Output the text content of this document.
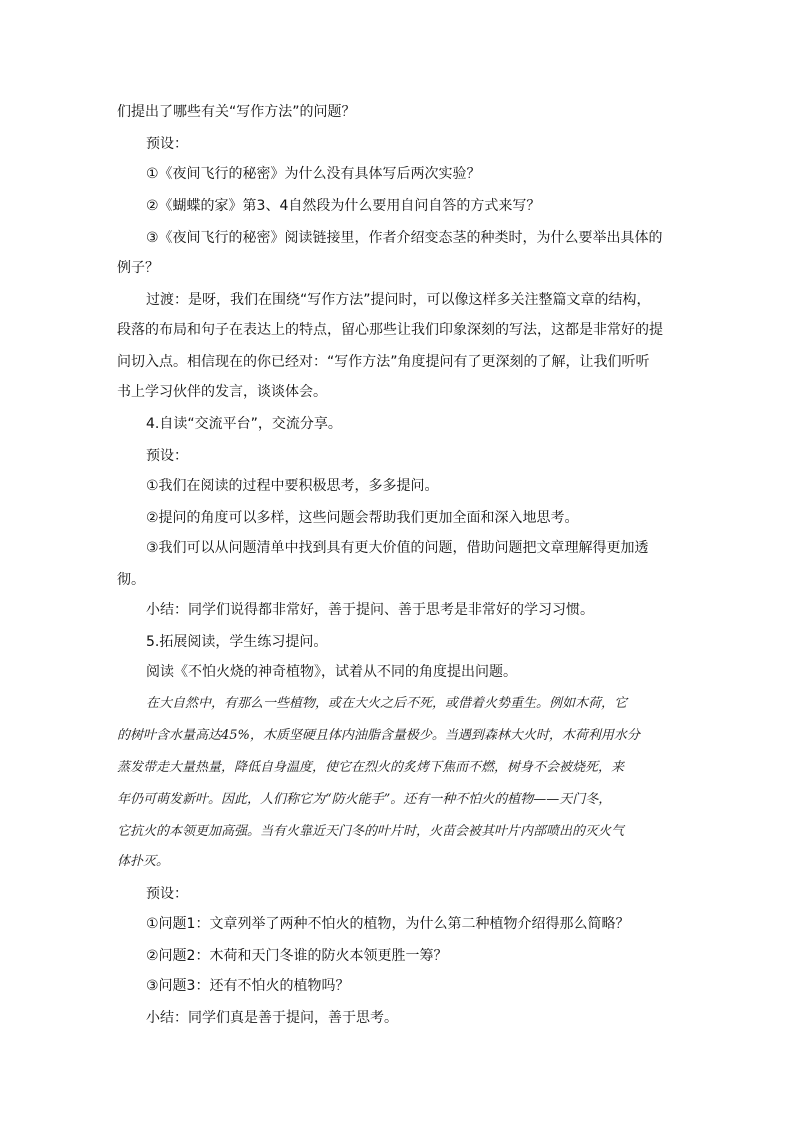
们提出了哪些有关“写作方法”的问题？
预设：
①《夜间飞行的秘密》为什么没有具体写后两次实验？
②《蝴蝶的家》第3、4自然段为什么要用自问自答的方式来写？
③《夜间飞行的秘密》阅读链接里，作者介绍变态茎的种类时，为什么要举出具体的
例子？
过渡：是呀，我们在围绕“写作方法”提问时，可以像这样多关注整篇文章的结构，
段落的布局和句子在表达上的特点，留心那些让我们印象深刻的写法，这都是非常好的提
问切入点。相信现在的你已经对：“写作方法”角度提问有了更深刻的了解，让我们听听
书上学习伙伴的发言，谈谈体会。
4.自读“交流平台”，交流分享。
预设：
①我们在阅读的过程中要积极思考，多多提问。
②提问的角度可以多样，这些问题会帮助我们更加全面和深入地思考。
③我们可以从问题清单中找到具有更大价值的问题，借助问题把文章理解得更加透
彻。
小结：同学们说得都非常好，善于提问、善于思考是非常好的学习习惯。
5.拓展阅读，学生练习提问。
阅读《不怕火烧的神奇植物》，试着从不同的角度提出问题。
在大自然中，有那么一些植物，或在大火之后不死，或借着火势重生。例如木荷，它
的树叶含水量高达45%，木质坚硬且体内油脂含量极少。当遇到森林大火时，木荷利用水分
蒸发带走大量热量，降低自身温度，使它在烈火的炙烤下焦而不燃，树身不会被烧死，来
年仍可萌发新叶。因此，人们称它为“防火能手”。还有一种不怕火的植物——天门冬，
它抗火的本领更加高强。当有火靠近天门冬的叶片时，火苗会被其叶片内部喷出的灭火气
体扑灭。
预设：
①问题1：文章列举了两种不怕火的植物，为什么第二种植物介绍得那么简略？
②问题2：木荷和天门冬谁的防火本领更胜一筹？
③问题3：还有不怕火的植物吗？
小结：同学们真是善于提问，善于思考。
